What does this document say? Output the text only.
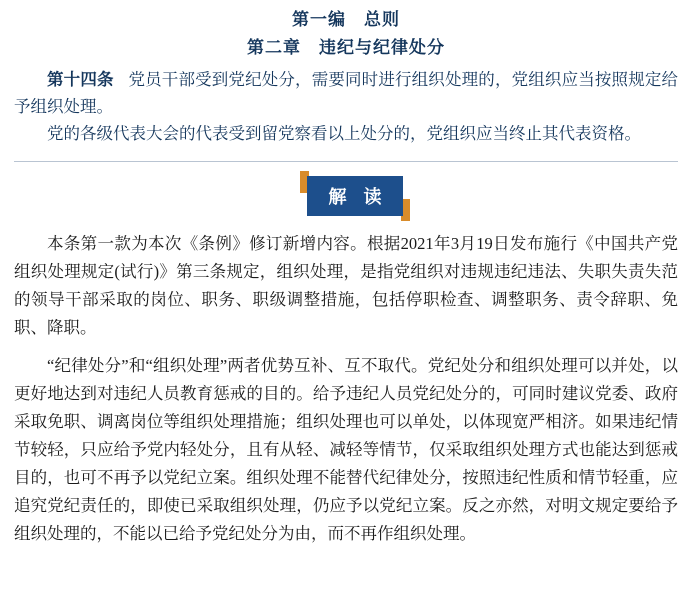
第一编　总则
第二章　违纪与纪律处分

第十四条 党员干部受到党纪处分，需要同时进行组织处理的，党组织应当按照规定给予组织处理。

党的各级代表大会的代表受到留党察看以上处分的，党组织应当终止其代表资格。

解 读

本条第一款为本次《条例》修订新增内容。根据2021年3月19日发布施行《中国共产党组织处理规定(试行)》第三条规定，组织处理，是指党组织对违规违纪违法、失职失责失范的领导干部采取的岗位、职务、职级调整措施，包括停职检查、调整职务、责令辞职、免职、降职。

“纪律处分”和“组织处理”两者优势互补、互不取代。党纪处分和组织处理可以并处，以更好地达到对违纪人员教育惩戒的目的。给予违纪人员党纪处分的，可同时建议党委、政府采取免职、调离岗位等组织处理措施；组织处理也可以单处，以体现宽严相济。如果违纪情节较轻，只应给予党内轻处分，且有从轻、减轻等情节，仅采取组织处理方式也能达到惩戒目的，也可不再予以党纪立案。组织处理不能替代纪律处分，按照违纪性质和情节轻重，应追究党纪责任的，即使已采取组织处理，仍应予以党纪立案。反之亦然，对明文规定要给予组织处理的，不能以已给予党纪处分为由，而不再作组织处理。
